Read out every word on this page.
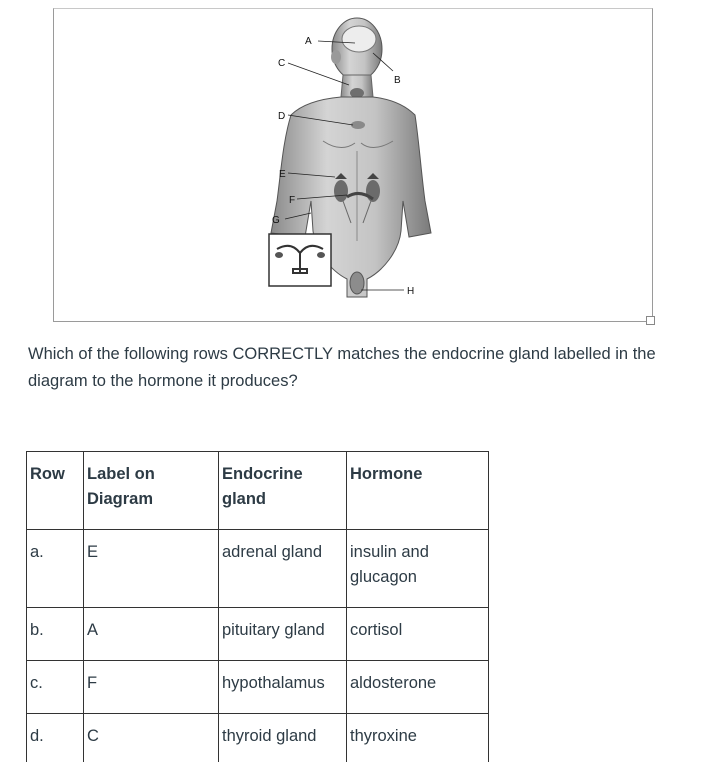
A
B
C
D
E
F
G
H
Which of the following rows CORRECTLY matches the endocrine gland labelled in the diagram to the hormone it produces?
Row	Label on Diagram	Endocrine gland	Hormone
a.	E	adrenal gland	insulin and glucagon
b.	A	pituitary gland	cortisol
c.	F	hypothalamus	aldosterone
d.	C	thyroid gland	thyroxine
